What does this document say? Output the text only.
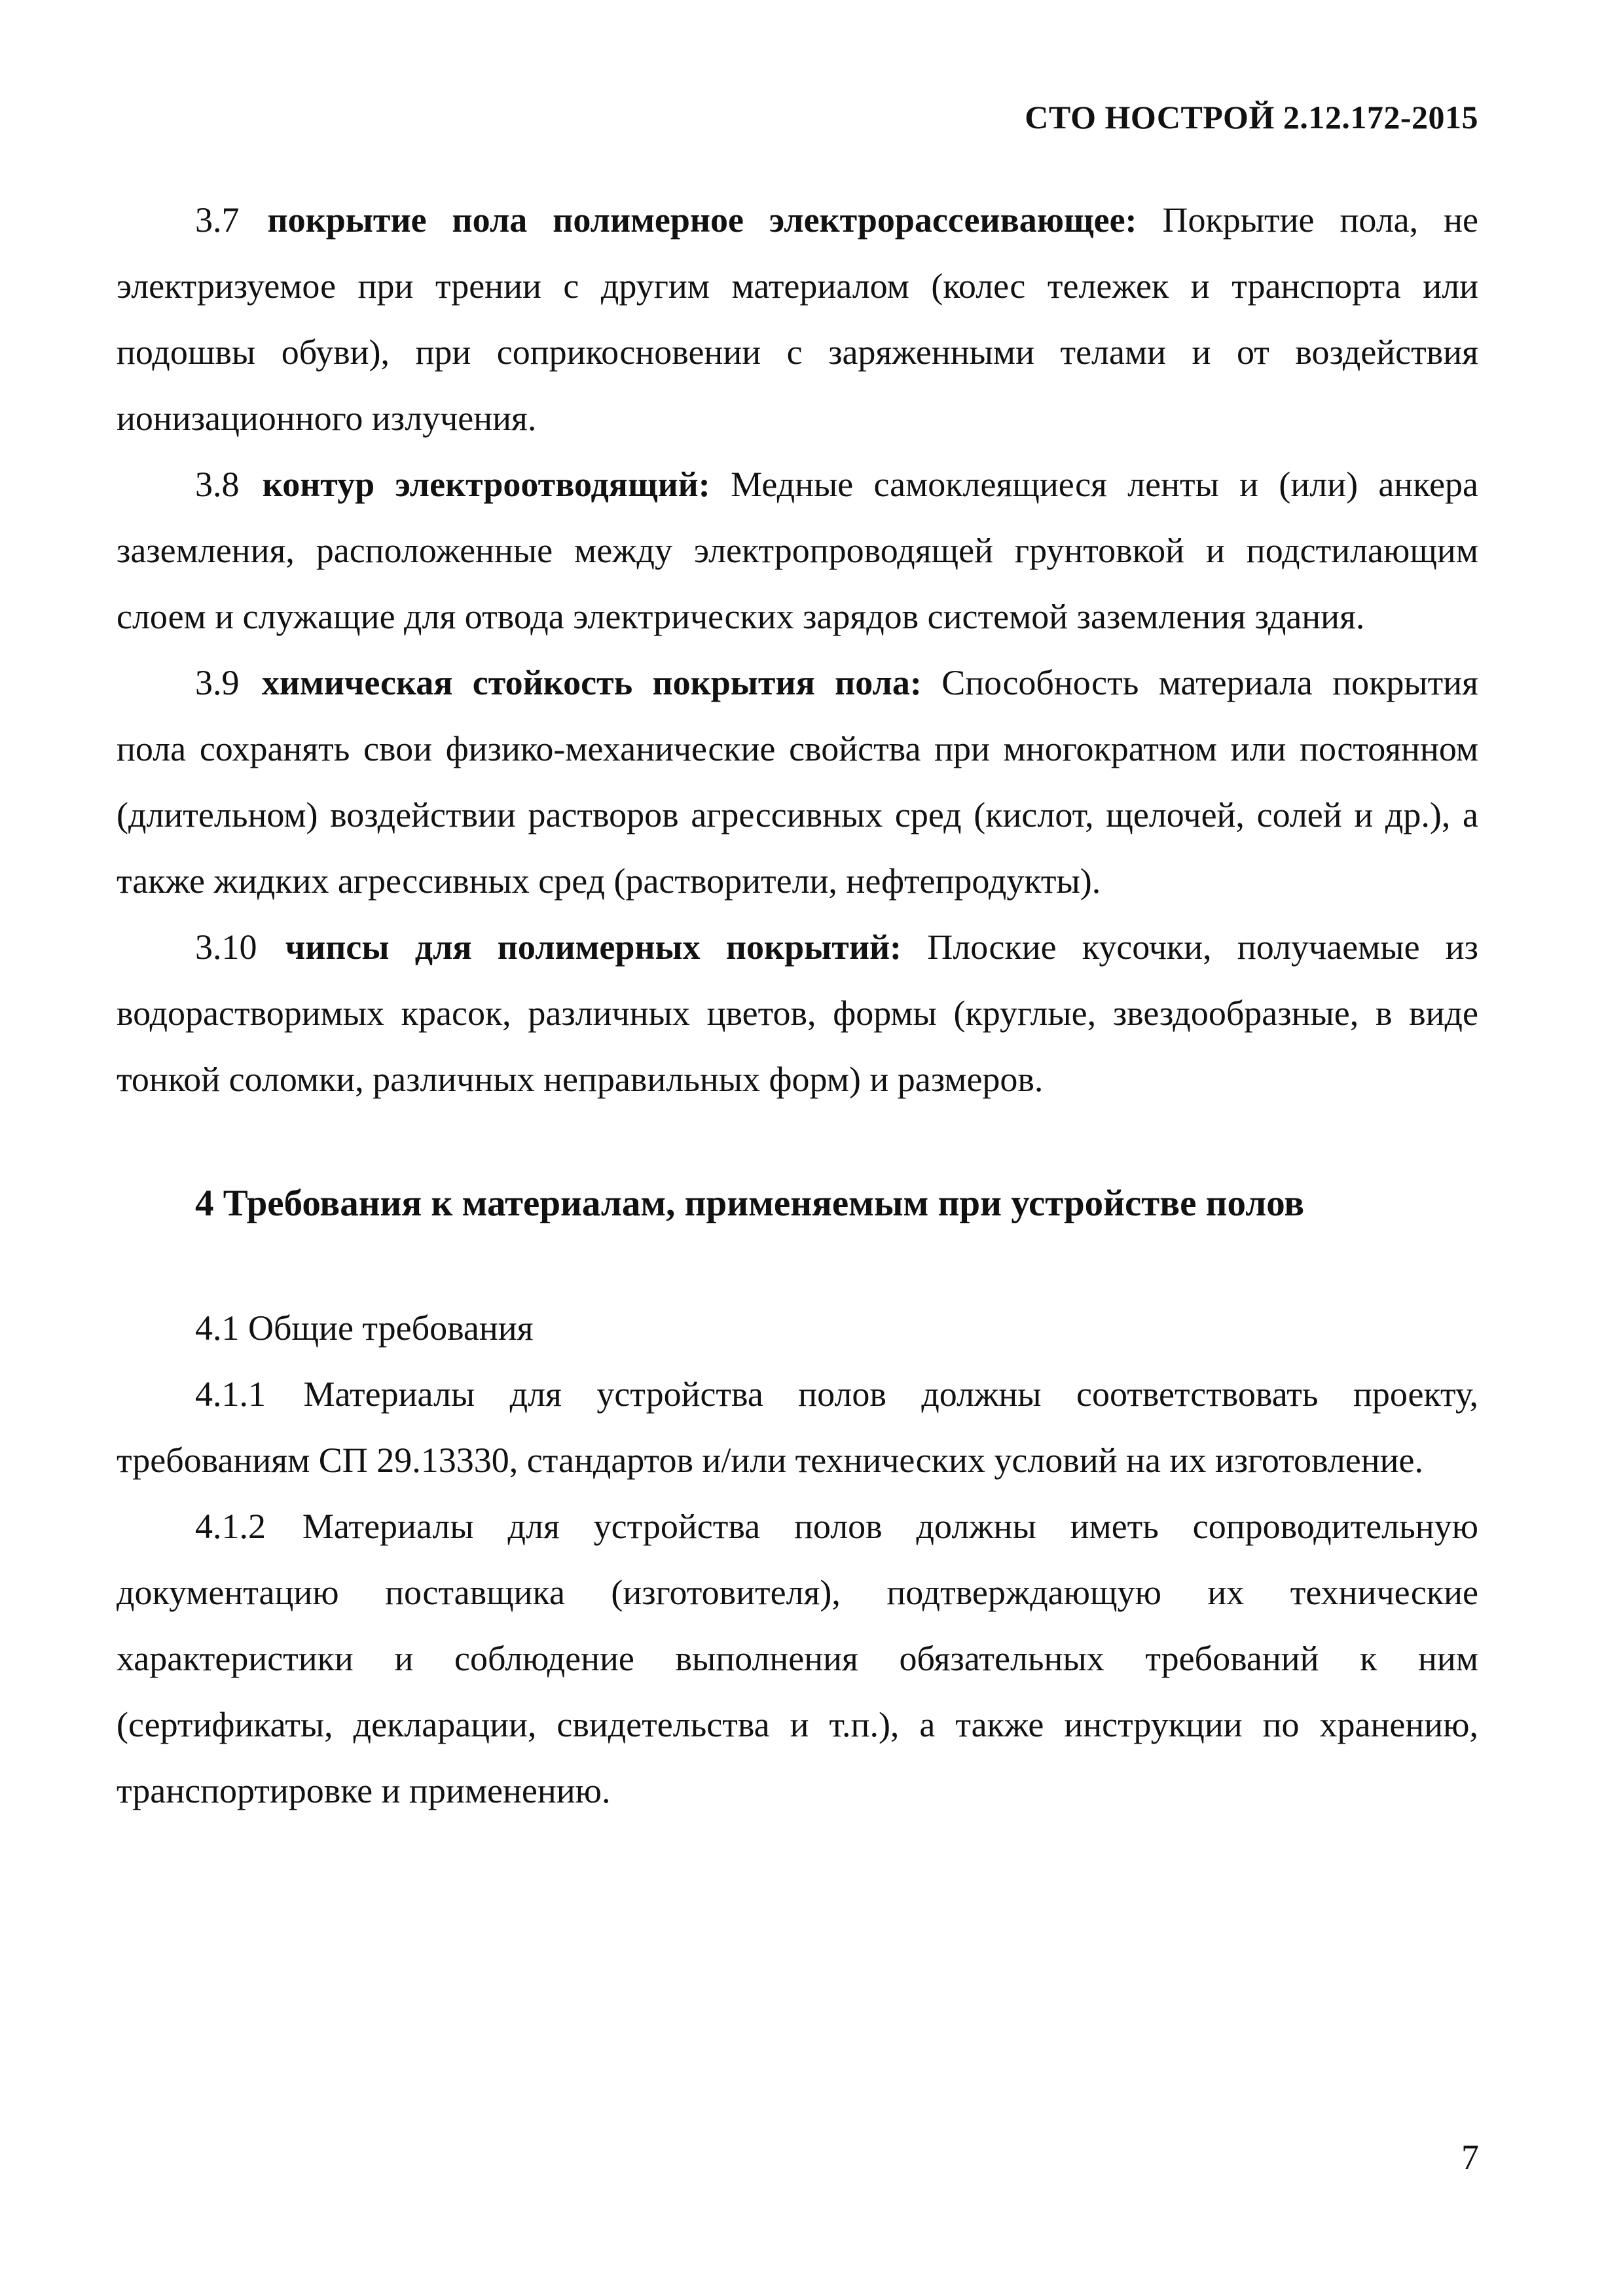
СТО НОСТРОЙ 2.12.172-2015

3.7 покрытие пола полимерное электрорассеивающее: Покрытие пола, не электризуемое при трении с другим материалом (колес тележек и транспорта или подошвы обуви), при соприкосновении с заряженными телами и от воздействия ионизационного излучения.

3.8 контур электроотводящий: Медные самоклеящиеся ленты и (или) анкера заземления, расположенные между электропроводящей грунтовкой и подстилающим слоем и служащие для отвода электрических зарядов системой заземления здания.

3.9 химическая стойкость покрытия пола: Способность материала покрытия пола сохранять свои физико-механические свойства при многократном или постоянном (длительном) воздействии растворов агрессивных сред (кислот, щелочей, солей и др.), а также жидких агрессивных сред (растворители, нефтепродукты).

3.10 чипсы для полимерных покрытий: Плоские кусочки, получаемые из водорастворимых красок, различных цветов, формы (круглые, звездообразные, в виде тонкой соломки, различных неправильных форм) и размеров.

4 Требования к материалам, применяемым при устройстве полов

4.1 Общие требования

4.1.1 Материалы для устройства полов должны соответствовать проекту, требованиям СП 29.13330, стандартов и/или технических условий на их изготовление.

4.1.2 Материалы для устройства полов должны иметь сопроводительную документацию поставщика (изготовителя), подтверждающую их технические характеристики и соблюдение выполнения обязательных требований к ним (сертификаты, декларации, свидетельства и т.п.), а также инструкции по хранению, транспортировке и применению.

7
